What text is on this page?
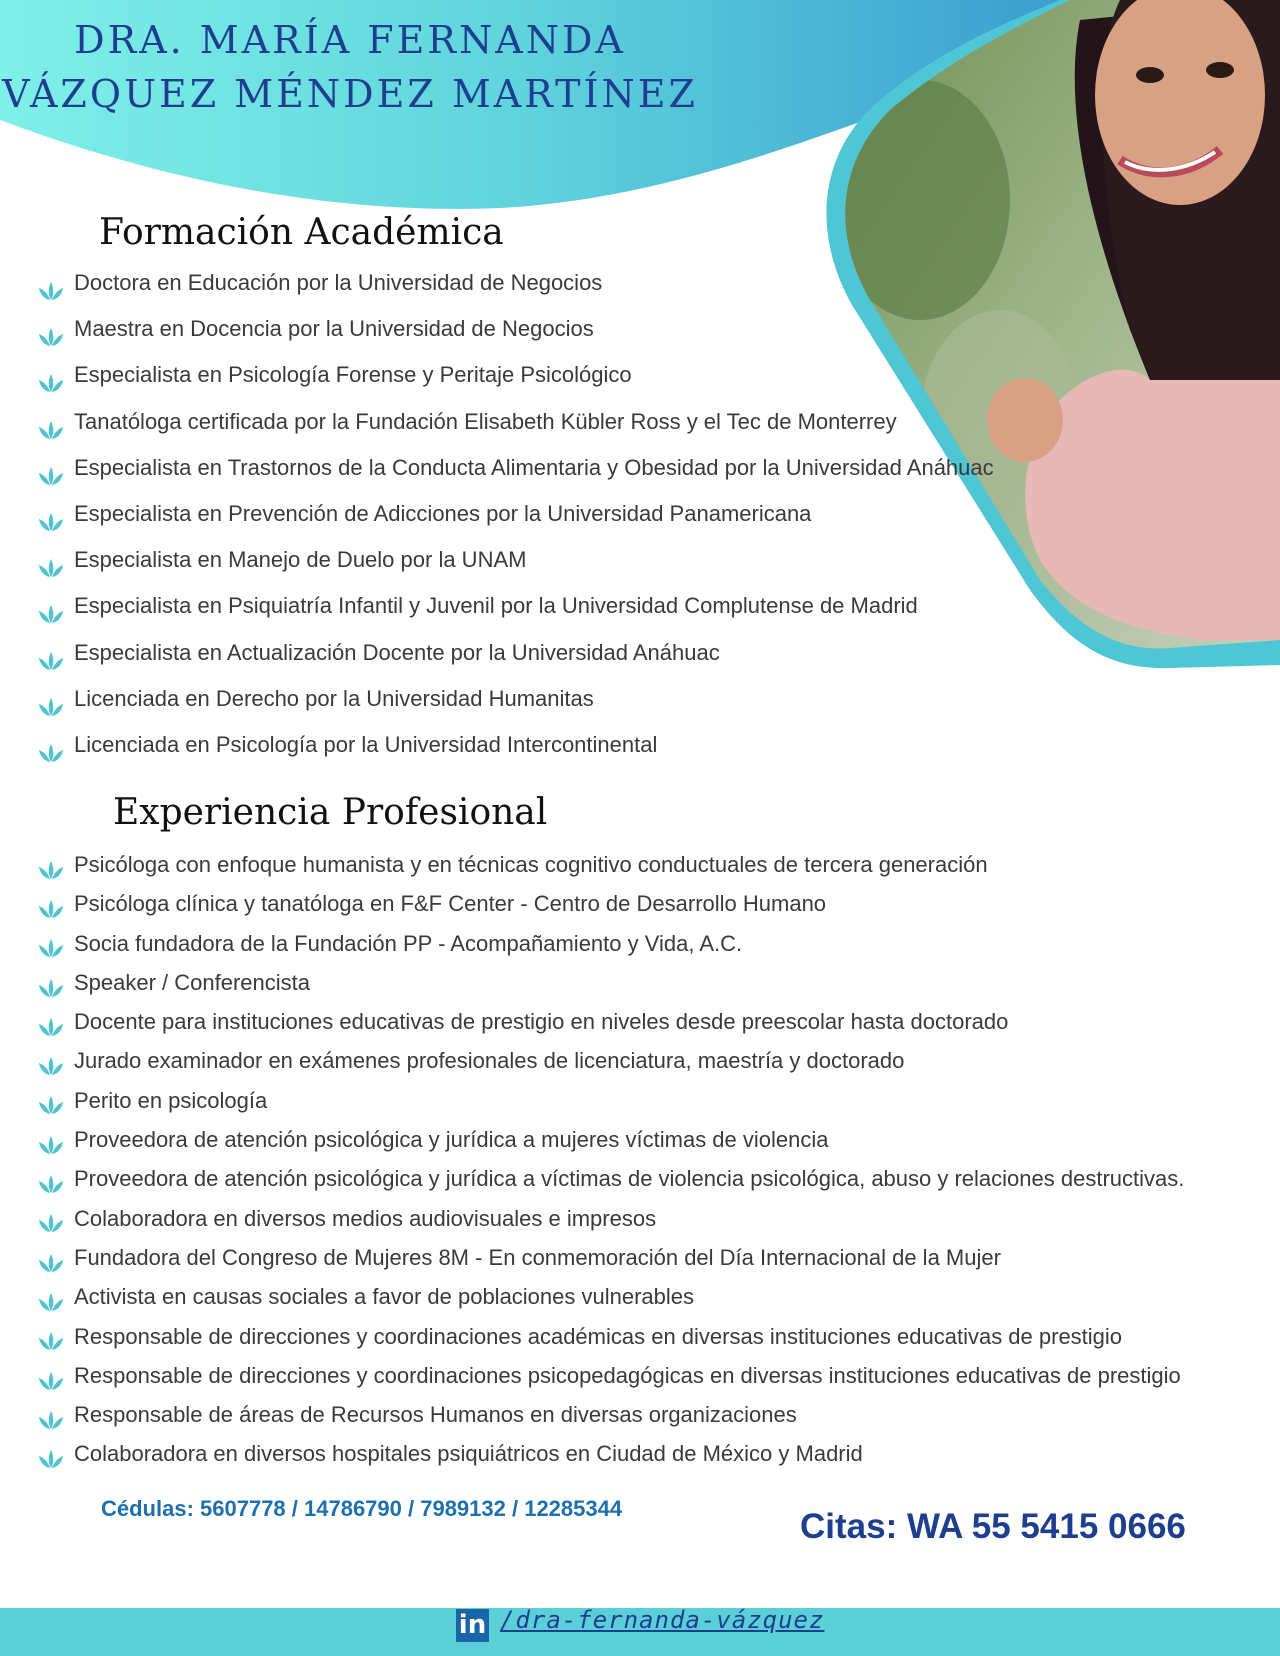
DRA. MARÍA FERNANDA
VÁZQUEZ MÉNDEZ MARTÍNEZ
Formación Académica
Doctora en Educación por la Universidad de Negocios
Maestra en Docencia por la Universidad de Negocios
Especialista en Psicología Forense y Peritaje Psicológico
Tanatóloga certificada por la Fundación Elisabeth Kübler Ross y el Tec de Monterrey
Especialista en Trastornos de la Conducta Alimentaria y Obesidad por la Universidad Anáhuac
Especialista en Prevención de Adicciones por la Universidad Panamericana
Especialista en Manejo de Duelo por la UNAM
Especialista en Psiquiatría Infantil y Juvenil por la Universidad Complutense de Madrid
Especialista en Actualización Docente por la Universidad Anáhuac
Licenciada en Derecho por la Universidad Humanitas
Licenciada en Psicología por la Universidad Intercontinental
Experiencia Profesional
Psicóloga con enfoque humanista y en técnicas cognitivo conductuales de tercera generación
Psicóloga clínica y tanatóloga en F&F Center - Centro de Desarrollo Humano
Socia fundadora de la Fundación PP - Acompañamiento y Vida, A.C.
Speaker / Conferencista
Docente para instituciones educativas de prestigio en niveles desde preescolar hasta doctorado
Jurado examinador en exámenes profesionales de licenciatura, maestría y doctorado
Perito en psicología
Proveedora de atención psicológica y jurídica a mujeres víctimas de violencia
Proveedora de atención psicológica y jurídica a víctimas de violencia psicológica, abuso y relaciones destructivas.
Colaboradora en diversos medios audiovisuales e impresos
Fundadora del Congreso de Mujeres 8M - En conmemoración del Día Internacional de la Mujer
Activista en causas sociales a favor de poblaciones vulnerables
Responsable de direcciones y coordinaciones académicas en diversas instituciones educativas de prestigio
Responsable de direcciones y coordinaciones psicopedagógicas en diversas instituciones educativas de prestigio
Responsable de áreas de Recursos Humanos en diversas organizaciones
Colaboradora en diversos hospitales psiquiátricos en Ciudad de México y Madrid
Cédulas: 5607778 / 14786790 / 7989132 / 12285344	Citas: WA 55 5415 0666
in /dra-fernanda-vázquez
